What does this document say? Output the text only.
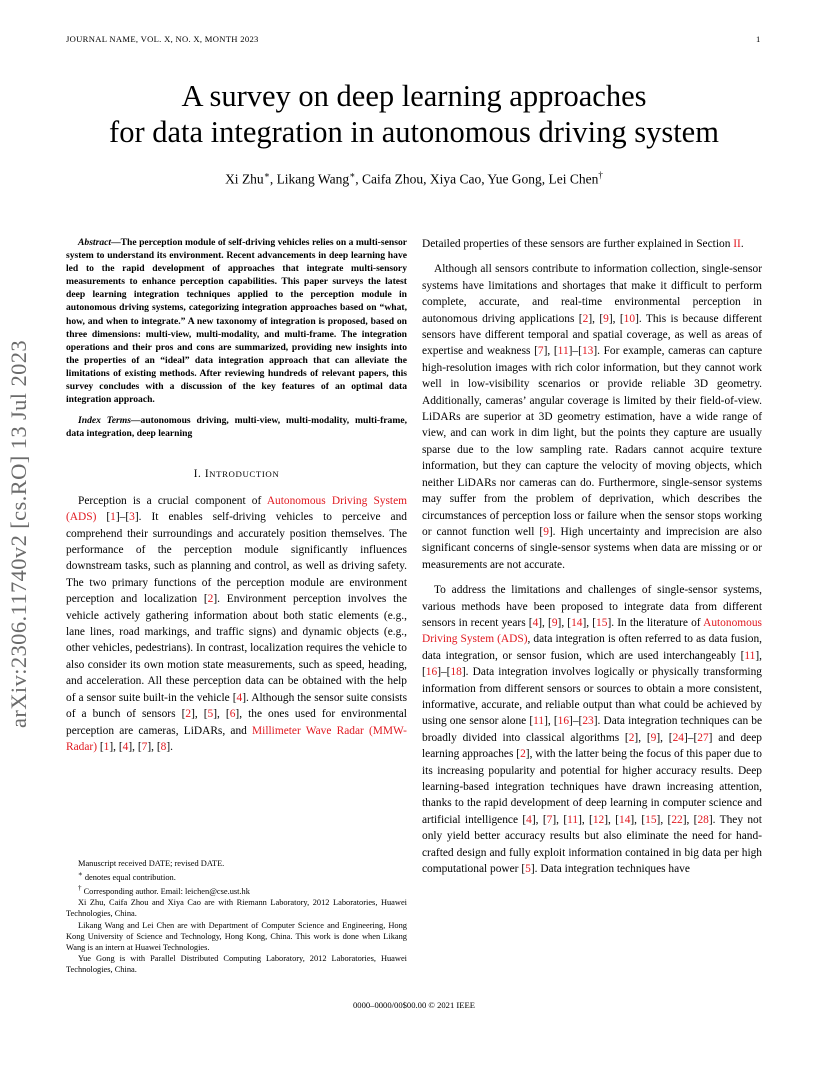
JOURNAL NAME, VOL. X, NO. X, MONTH 2023	1
A survey on deep learning approaches
for data integration in autonomous driving system
Xi Zhu∗, Likang Wang∗, Caifa Zhou, Xiya Cao, Yue Gong, Lei Chen†
arXiv:2306.11740v2 [cs.RO] 13 Jul 2023

Abstract—The perception module of self-driving vehicles relies on a multi-sensor system to understand its environment. Recent advancements in deep learning have led to the rapid development of approaches that integrate multi-sensory measurements to enhance perception capabilities. This paper surveys the latest deep learning integration techniques applied to the perception module in autonomous driving systems, categorizing integration approaches based on “what, how, and when to integrate.” A new taxonomy of integration is proposed, based on three dimensions: multi-view, multi-modality, and multi-frame. The integration operations and their pros and cons are summarized, providing new insights into the properties of an “ideal” data integration approach that can alleviate the limitations of existing methods. After reviewing hundreds of relevant papers, this survey concludes with a discussion of the key features of an optimal data integration approach.

Index Terms—autonomous driving, multi-view, multi-modality, multi-frame, data integration, deep learning

I. INTRODUCTION

Perception is a crucial component of Autonomous Driving System (ADS) [1]–[3]. It enables self-driving vehicles to perceive and comprehend their surroundings and accurately position themselves. The performance of the perception module significantly influences downstream tasks, such as planning and control, as well as driving safety. The two primary functions of the perception module are environment perception and localization [2]. Environment perception involves the vehicle actively gathering information about both static elements (e.g., lane lines, road markings, and traffic signs) and dynamic objects (e.g., other vehicles, pedestrians). In contrast, localization requires the vehicle to also consider its own motion state measurements, such as speed, heading, and acceleration. All these perception data can be obtained with the help of a sensor suite built-in the vehicle [4]. Although the sensor suite consists of a bunch of sensors [2], [5], [6], the ones used for environmental perception are cameras, LiDARs, and Millimeter Wave Radar (MMW-Radar) [1], [4], [7], [8].

Manuscript received DATE; revised DATE.

∗ denotes equal contribution.

† Corresponding author. Email: leichen@cse.ust.hk

Xi Zhu, Caifa Zhou and Xiya Cao are with Riemann Laboratory, 2012 Laboratories, Huawei Technologies, China.

Likang Wang and Lei Chen are with Department of Computer Science and Engineering, Hong Kong University of Science and Technology, Hong Kong, China. This work is done when Likang Wang is an intern at Huawei Technologies.

Yue Gong is with Parallel Distributed Computing Laboratory, 2012 Laboratories, Huawei Technologies, China.

Detailed properties of these sensors are further explained in Section II.

Although all sensors contribute to information collection, single-sensor systems have limitations and shortages that make it difficult to perform complete, accurate, and real-time environmental perception in autonomous driving applications [2], [9], [10]. This is because different sensors have different temporal and spatial coverage, as well as areas of expertise and weakness [7], [11]–[13]. For example, cameras can capture high-resolution images with rich color information, but they cannot work well in low-visibility scenarios or provide reliable 3D geometry. Additionally, cameras’ angular coverage is limited by their field-of-view. LiDARs are superior at 3D geometry estimation, have a wide range of view, and can work in dim light, but the points they capture are usually sparse due to the low sampling rate. Radars cannot acquire texture information, but they can capture the velocity of moving objects, which neither LiDARs nor cameras can do. Furthermore, single-sensor systems may suffer from the problem of deprivation, which describes the circumstances of perception loss or failure when the sensor stops working or cannot function well [9]. High uncertainty and imprecision are also significant concerns of single-sensor systems when data are missing or or measurements are not accurate.

To address the limitations and challenges of single-sensor systems, various methods have been proposed to integrate data from different sensors in recent years [4], [9], [14], [15]. In the literature of Autonomous Driving System (ADS), data integration is often referred to as data fusion, data integration, or sensor fusion, which are used interchangeably [11], [16]–[18]. Data integration involves logically or physically transforming information from different sensors or sources to obtain a more consistent, informative, accurate, and reliable output than what could be achieved by using one sensor alone [11], [16]–[23]. Data integration techniques can be broadly divided into classical algorithms [2], [9], [24]–[27] and deep learning approaches [2], with the latter being the focus of this paper due to its increasing popularity and potential for higher accuracy results. Deep learning-based integration techniques have drawn increasing attention, thanks to the rapid development of deep learning in computer science and artificial intelligence [4], [7], [11], [12], [14], [15], [22], [28]. They not only yield better accuracy results but also eliminate the need for hand-crafted design and fully exploit information contained in big data per high computational power [5]. Data integration techniques have

0000–0000/00$00.00 © 2021 IEEE
